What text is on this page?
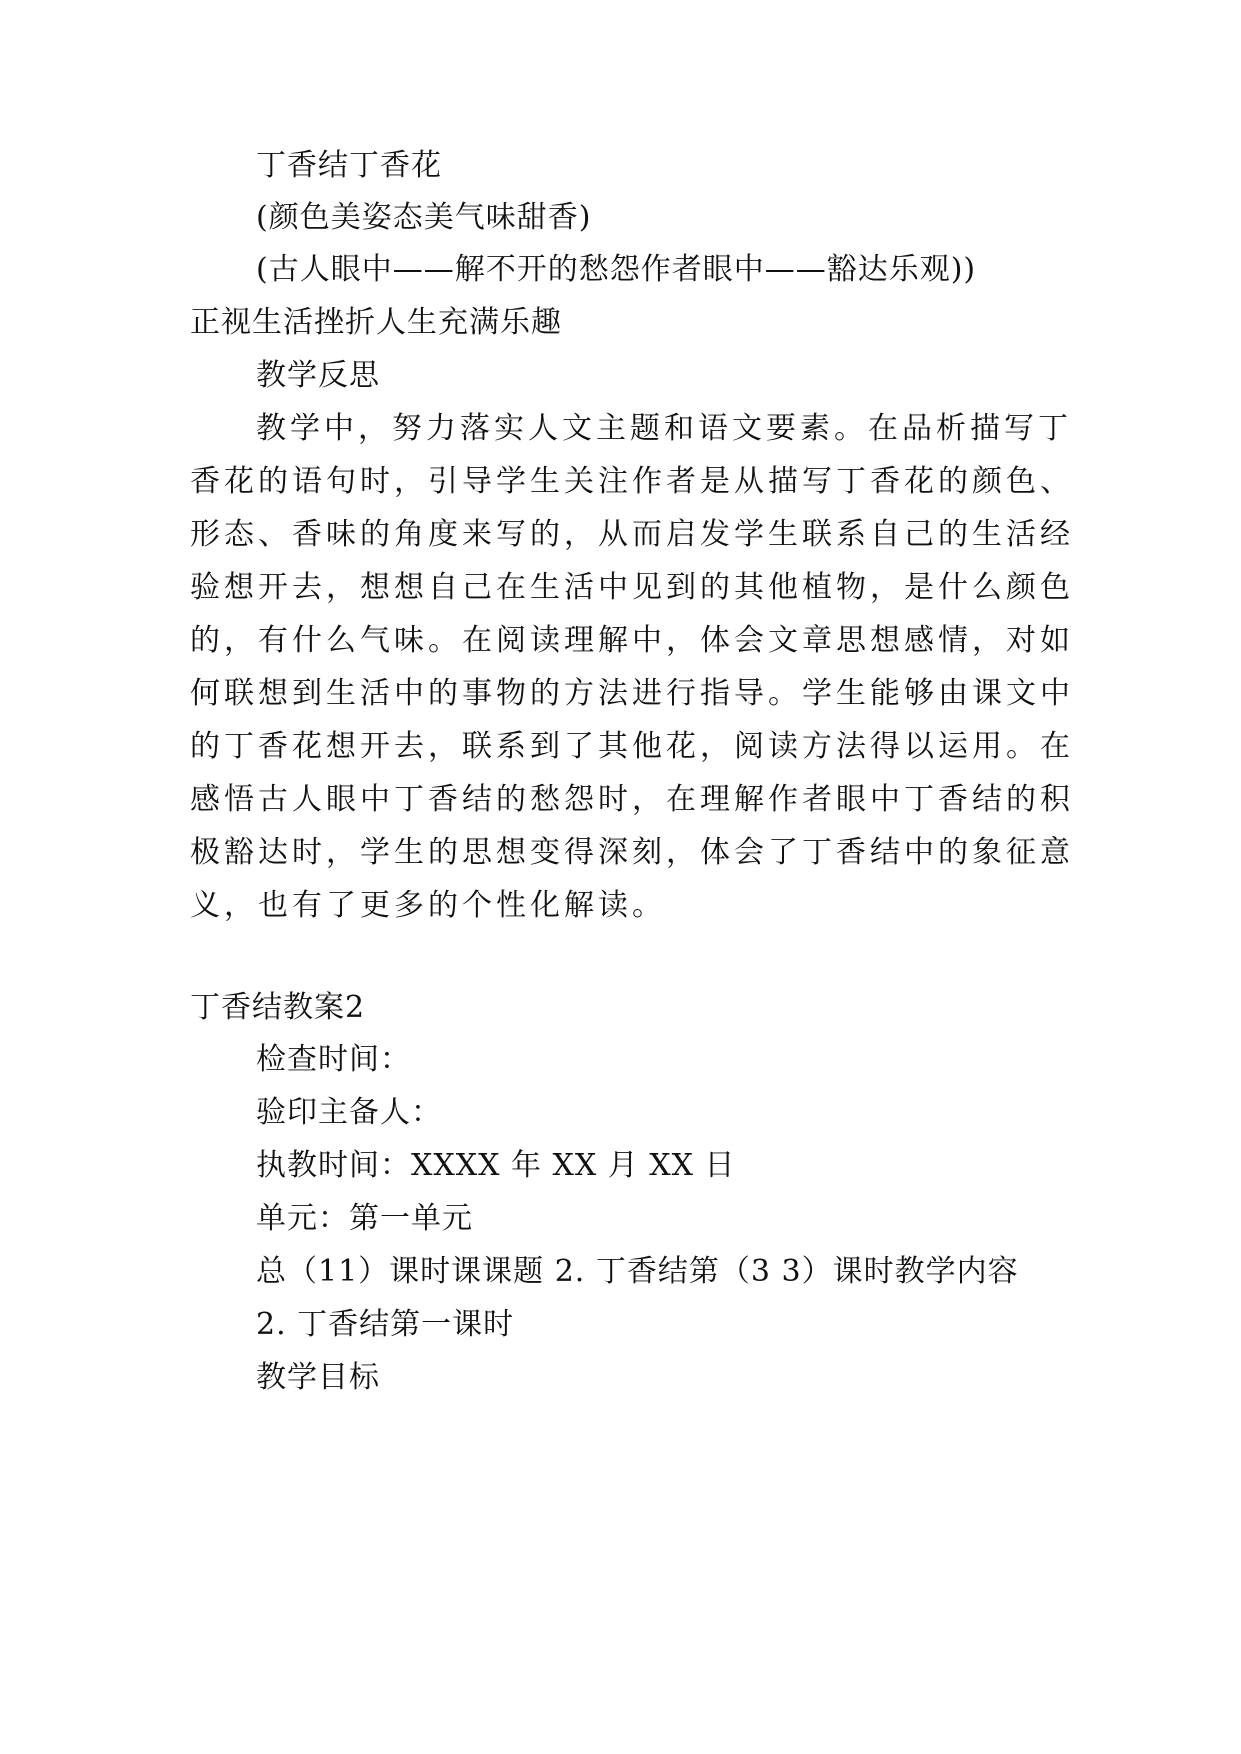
丁香结丁香花
(颜色美姿态美气味甜香)
(古人眼中——解不开的愁怨作者眼中——豁达乐观))
正视生活挫折人生充满乐趣
教学反思
教学中，努力落实人文主题和语文要素。在品析描写丁
香花的语句时，引导学生关注作者是从描写丁香花的颜色、
形态、香味的角度来写的，从而启发学生联系自己的生活经
验想开去，想想自己在生活中见到的其他植物，是什么颜色
的，有什么气味。在阅读理解中，体会文章思想感情，对如
何联想到生活中的事物的方法进行指导。学生能够由课文中
的丁香花想开去，联系到了其他花，阅读方法得以运用。在
感悟古人眼中丁香结的愁怨时，在理解作者眼中丁香结的积
极豁达时，学生的思想变得深刻，体会了丁香结中的象征意
义，也有了更多的个性化解读。
丁香结教案2
检查时间：
验印主备人：
执教时间：XXXX 年 XX 月 XX 日
单元：第一单元
总（11）课时课课题 2. 丁香结第（3 3）课时教学内容
2. 丁香结第一课时
教学目标
